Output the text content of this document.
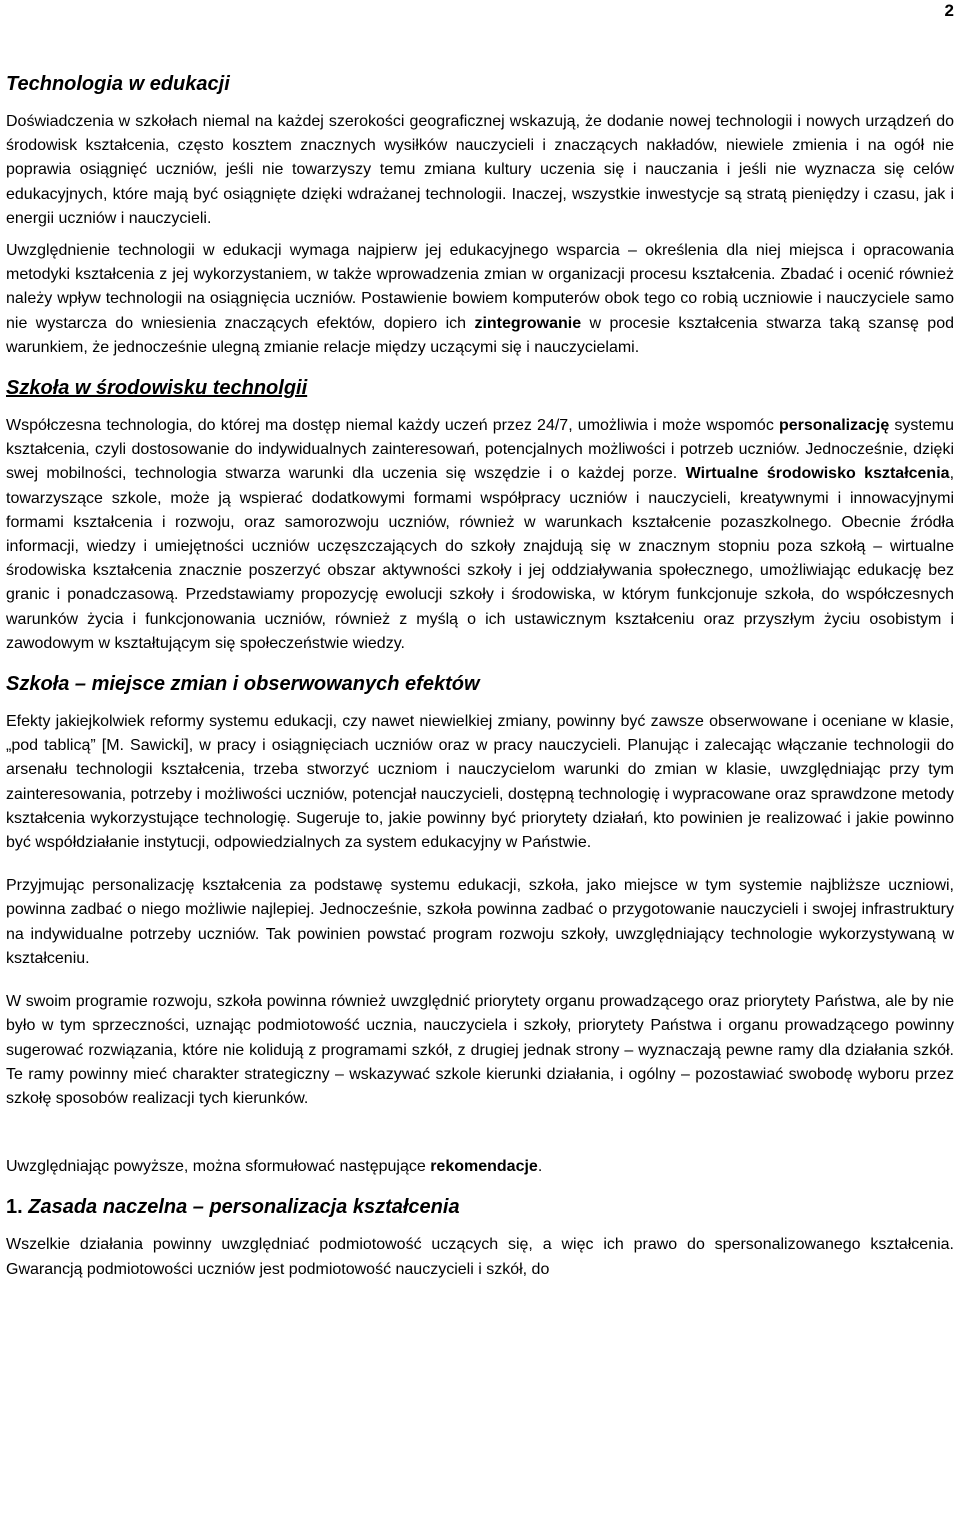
2
Technologia w edukacji

Doświadczenia w szkołach niemal na każdej szerokości geograficznej wskazują, że dodanie nowej technologii i nowych urządzeń do środowisk kształcenia, często kosztem znacznych wysiłków nauczycieli i znaczących nakładów, niewiele zmienia i na ogół nie poprawia osiągnięć uczniów, jeśli nie towarzyszy temu zmiana kultury uczenia się i nauczania i jeśli nie wyznacza się celów edukacyjnych, które mają być osiągnięte dzięki wdrażanej technologii. Inaczej, wszystkie inwestycje są stratą pieniędzy i czasu, jak i energii uczniów i nauczycieli.

Uwzględnienie technologii w edukacji wymaga najpierw jej edukacyjnego wsparcia – określenia dla niej miejsca i opracowania metodyki kształcenia z jej wykorzystaniem, w także wprowadzenia zmian w organizacji procesu kształcenia. Zbadać i ocenić również należy wpływ technologii na osiągnięcia uczniów. Postawienie bowiem komputerów obok tego co robią uczniowie i nauczyciele samo nie wystarcza do wniesienia znaczących efektów, dopiero ich zintegrowanie w procesie kształcenia stwarza taką szansę pod warunkiem, że jednocześnie ulegną zmianie relacje między uczącymi się i nauczycielami.

Szkoła w środowisku technolgii

Współczesna technologia, do której ma dostęp niemal każdy uczeń przez 24/7, umożliwia i może wspomóc personalizację systemu kształcenia, czyli dostosowanie do indywidualnych zainteresowań, potencjalnych możliwości i potrzeb uczniów. Jednocześnie, dzięki swej mobilności, technologia stwarza warunki dla uczenia się wszędzie i o każdej porze. Wirtualne środowisko kształcenia, towarzyszące szkole, może ją wspierać dodatkowymi formami współpracy uczniów i nauczycieli, kreatywnymi i innowacyjnymi formami kształcenia i rozwoju, oraz samorozwoju uczniów, również w warunkach kształcenie pozaszkolnego. Obecnie źródła informacji, wiedzy i umiejętności uczniów uczęszczających do szkoły znajdują się w znacznym stopniu poza szkołą – wirtualne środowiska kształcenia znacznie poszerzyć obszar aktywności szkoły i jej oddziaływania społecznego, umożliwiając edukację bez granic i ponadczasową. Przedstawiamy propozycję ewolucji szkoły i środowiska, w którym funkcjonuje szkoła, do współczesnych warunków życia i funkcjonowania uczniów, również z myślą o ich ustawicznym kształceniu oraz przyszłym życiu osobistym i zawodowym w kształtującym się społeczeństwie wiedzy.

Szkoła – miejsce zmian i obserwowanych efektów

Efekty jakiejkolwiek reformy systemu edukacji, czy nawet niewielkiej zmiany, powinny być zawsze obserwowane i oceniane w klasie, „pod tablicą” [M. Sawicki], w pracy i osiągnięciach uczniów oraz w pracy nauczycieli. Planując i zalecając włączanie technologii do arsenału technologii kształcenia, trzeba stworzyć uczniom i nauczycielom warunki do zmian w klasie, uwzględniając przy tym zainteresowania, potrzeby i możliwości uczniów, potencjał nauczycieli, dostępną technologię i wypracowane oraz sprawdzone metody kształcenia wykorzystujące technologię. Sugeruje to, jakie powinny być priorytety działań, kto powinien je realizować i jakie powinno być współdziałanie instytucji, odpowiedzialnych za system edukacyjny w Państwie.

Przyjmując personalizację kształcenia za podstawę systemu edukacji, szkoła, jako miejsce w tym systemie najbliższe uczniowi, powinna zadbać o niego możliwie najlepiej. Jednocześnie, szkoła powinna zadbać o przygotowanie nauczycieli i swojej infrastruktury na indywidualne potrzeby uczniów. Tak powinien powstać program rozwoju szkoły, uwzględniający technologie wykorzystywaną w kształceniu.

W swoim programie rozwoju, szkoła powinna również uwzględnić priorytety organu prowadzącego oraz priorytety Państwa, ale by nie było w tym sprzeczności, uznając podmiotowość ucznia, nauczyciela i szkoły, priorytety Państwa i organu prowadzącego powinny sugerować rozwiązania, które nie kolidują z programami szkół, z drugiej jednak strony – wyznaczają pewne ramy dla działania szkół. Te ramy powinny mieć charakter strategiczny – wskazywać szkole kierunki działania, i ogólny – pozostawiać swobodę wyboru przez szkołę sposobów realizacji tych kierunków.

Uwzględniając powyższe, można sformułować następujące rekomendacje.

1. Zasada naczelna – personalizacja kształcenia

Wszelkie działania powinny uwzględniać podmiotowość uczących się, a więc ich prawo do spersonalizowanego kształcenia. Gwarancją podmiotowości uczniów jest podmiotowość nauczycieli i szkół, do
